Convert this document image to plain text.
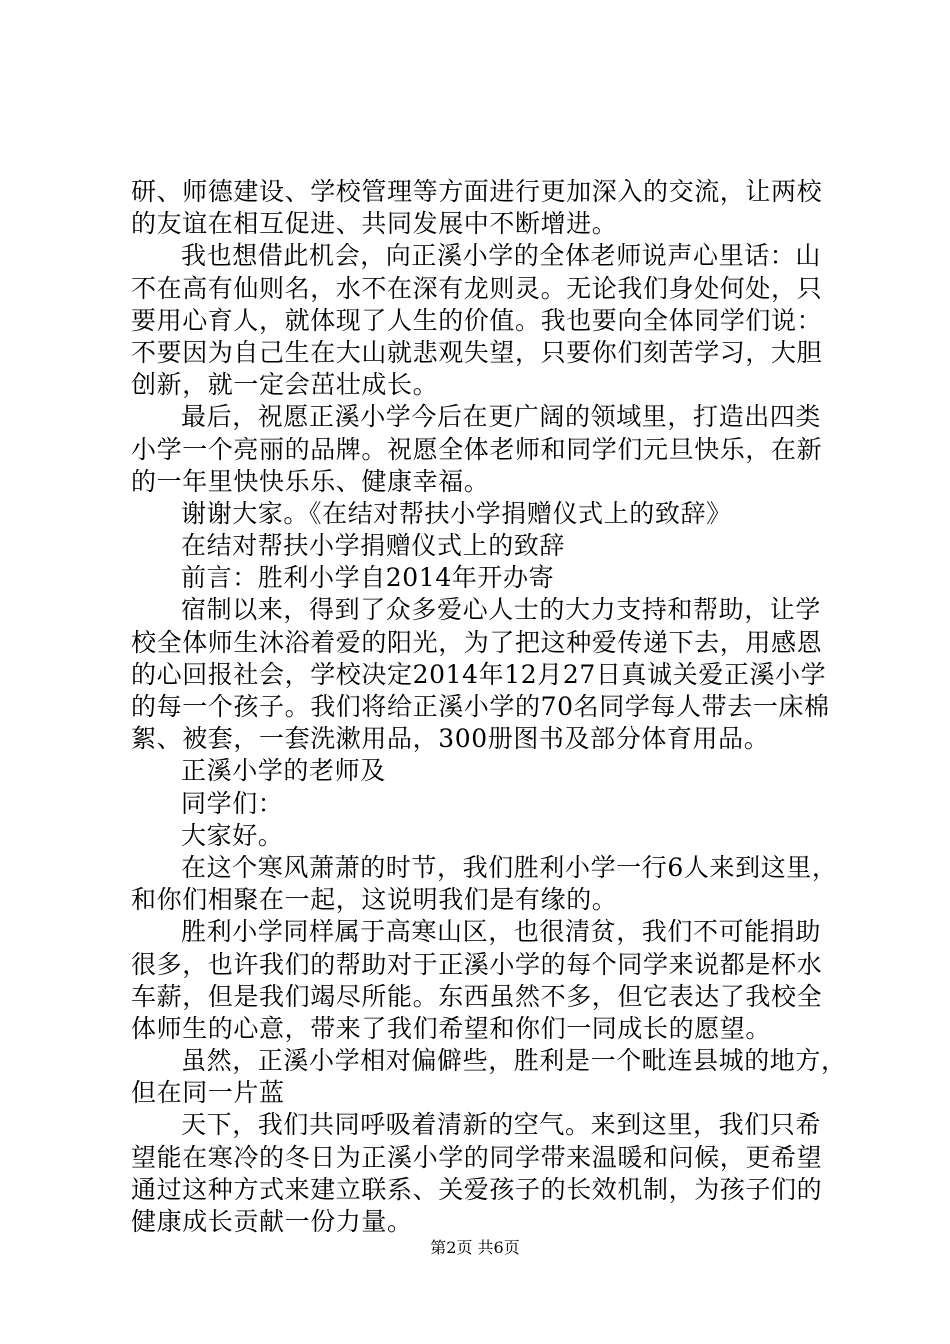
研、师德建设、学校管理等方面进行更加深入的交流，让两校
的友谊在相互促进、共同发展中不断增进。
我也想借此机会，向正溪小学的全体老师说声心里话：山
不在高有仙则名，水不在深有龙则灵。无论我们身处何处，只
要用心育人，就体现了人生的价值。我也要向全体同学们说：
不要因为自己生在大山就悲观失望，只要你们刻苦学习，大胆
创新，就一定会茁壮成长。
最后，祝愿正溪小学今后在更广阔的领域里，打造出四类
小学一个亮丽的品牌。祝愿全体老师和同学们元旦快乐，在新
的一年里快快乐乐、健康幸福。
谢谢大家。《在结对帮扶小学捐赠仪式上的致辞》
在结对帮扶小学捐赠仪式上的致辞
前言：胜利小学自2014年开办寄
宿制以来，得到了众多爱心人士的大力支持和帮助，让学
校全体师生沐浴着爱的阳光，为了把这种爱传递下去，用感恩
的心回报社会，学校决定2014年12月27日真诚关爱正溪小学
的每一个孩子。我们将给正溪小学的70名同学每人带去一床棉
絮、被套，一套洗漱用品，300册图书及部分体育用品。
正溪小学的老师及
同学们：
大家好。
在这个寒风萧萧的时节，我们胜利小学一行6人来到这里，
和你们相聚在一起，这说明我们是有缘的。
胜利小学同样属于高寒山区，也很清贫，我们不可能捐助
很多，也许我们的帮助对于正溪小学的每个同学来说都是杯水
车薪，但是我们竭尽所能。东西虽然不多，但它表达了我校全
体师生的心意，带来了我们希望和你们一同成长的愿望。
虽然，正溪小学相对偏僻些，胜利是一个毗连县城的地方，
但在同一片蓝
天下，我们共同呼吸着清新的空气。来到这里，我们只希
望能在寒冷的冬日为正溪小学的同学带来温暖和问候，更希望
通过这种方式来建立联系、关爱孩子的长效机制，为孩子们的
健康成长贡献一份力量。
第2页 共6页
